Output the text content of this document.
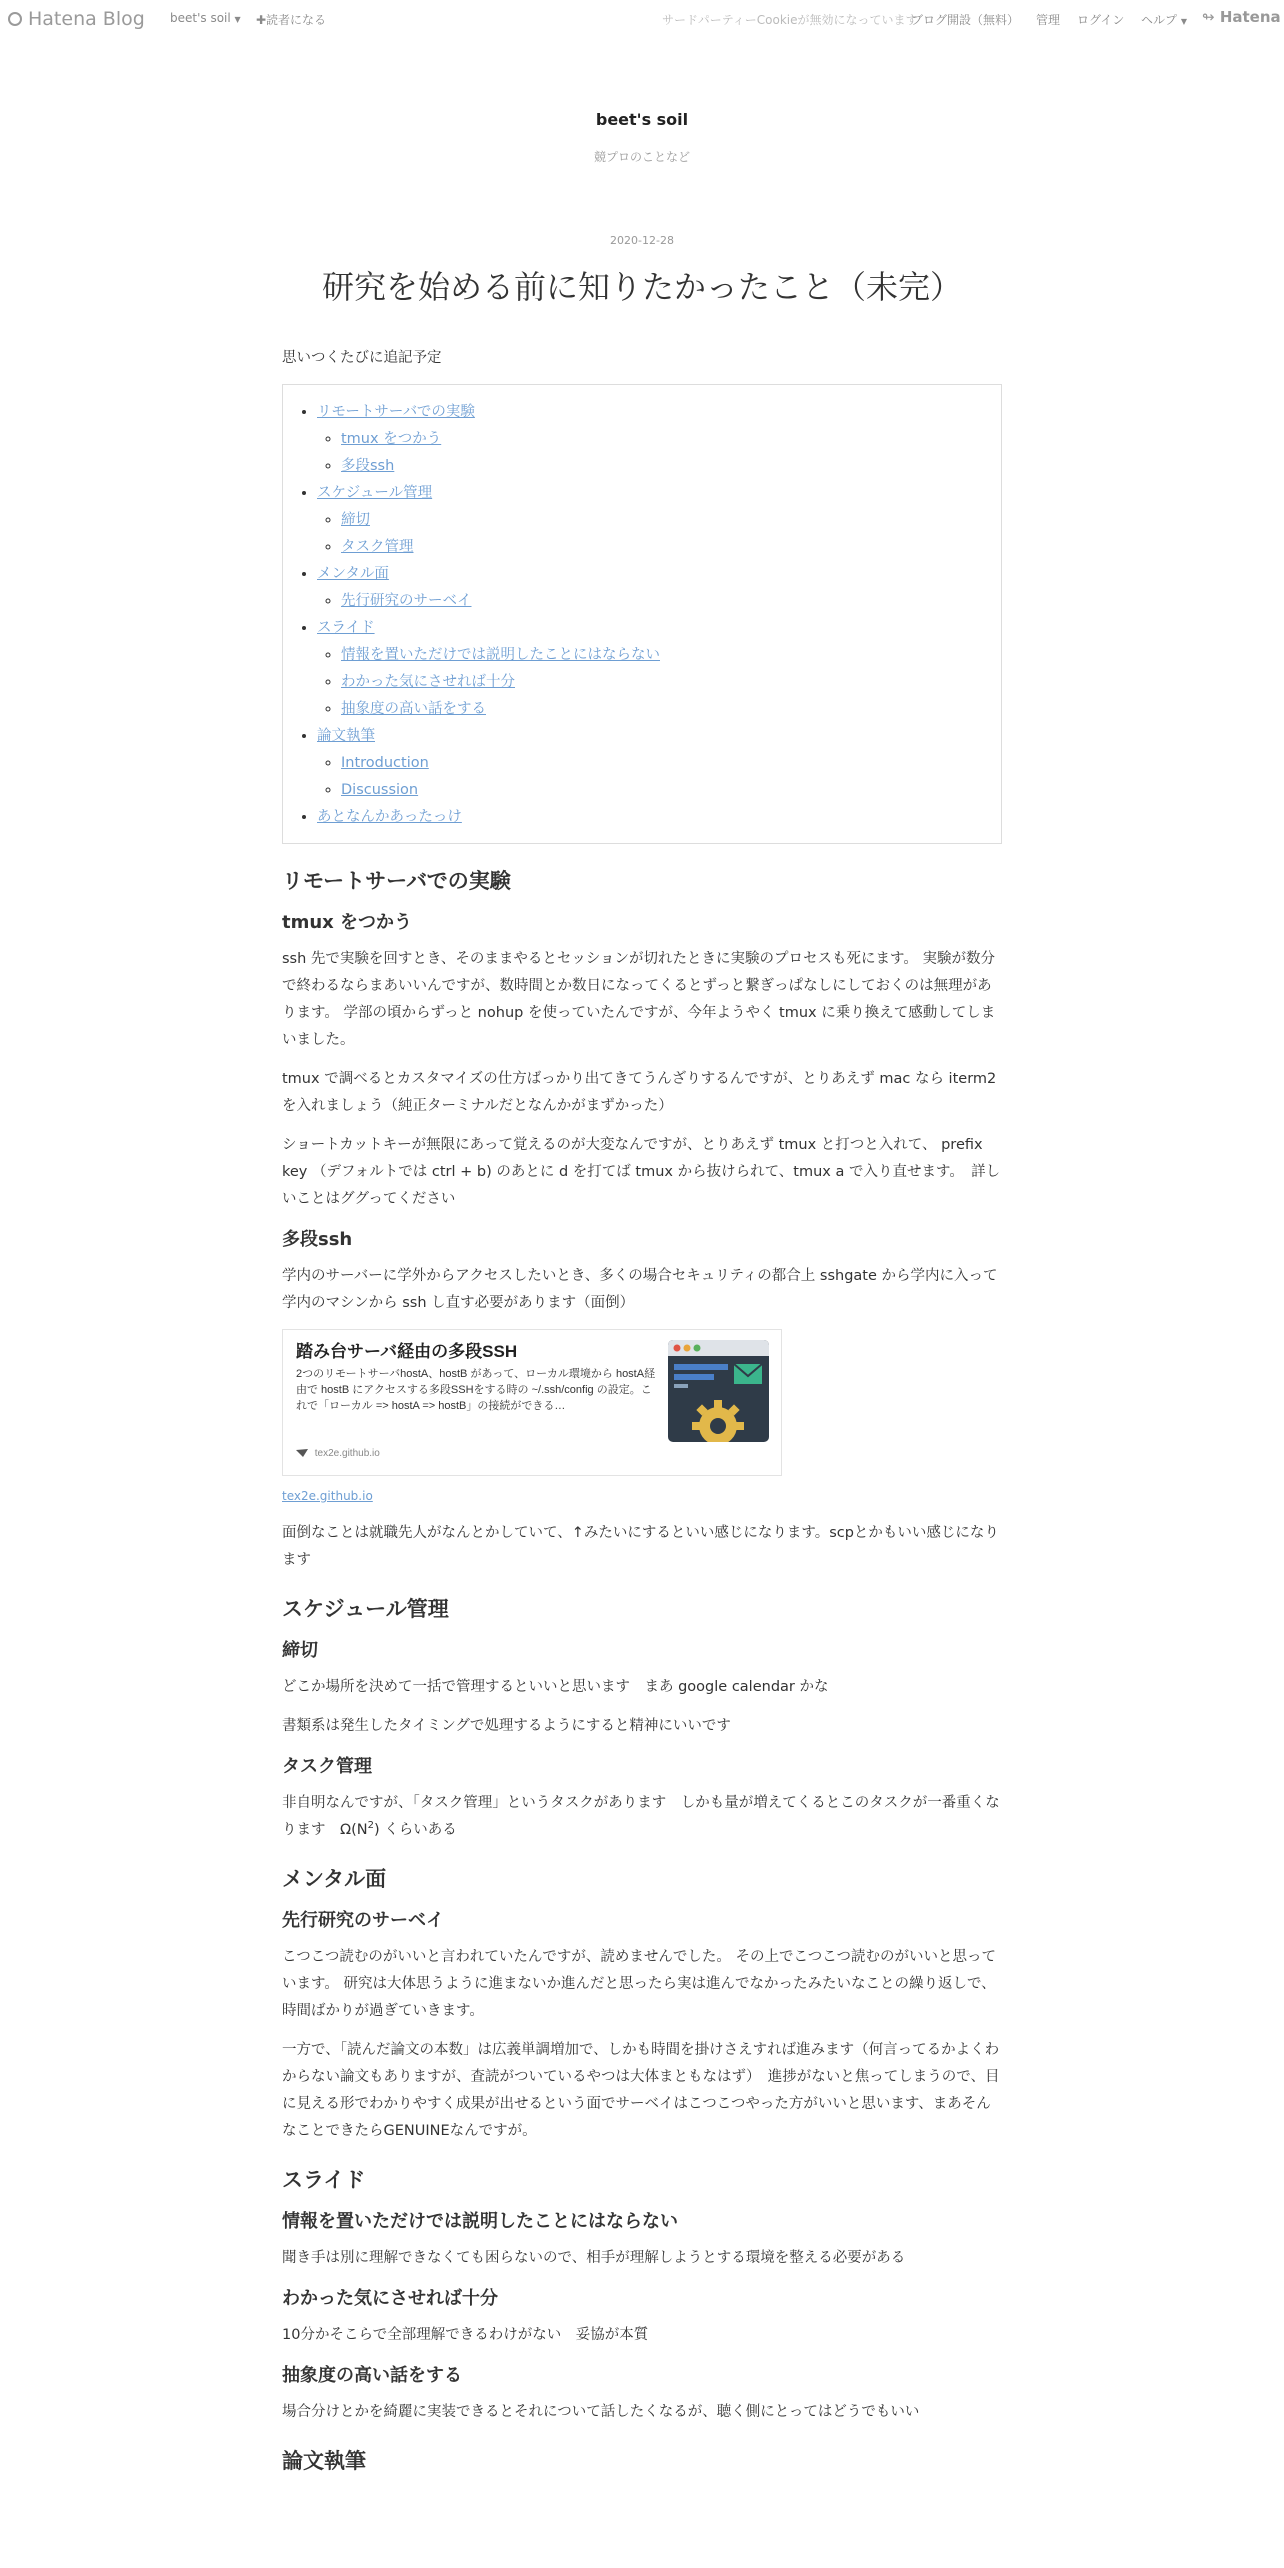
Hatena Blog beet's soil ▼ ✚読者になる	サードパーティーCookieが無効になっています
ブログ開設（無料） 管理 ログイン ヘルプ ▼ ↬ Hatena
beet's soil
競プロのことなど
2020-12-28
研究を始める前に知りたかったこと（未完）

思いつくたびに追記予定

• リモートサーバでの実験
◦ tmux をつかう
◦ 多段ssh
• スケジュール管理
◦ 締切
◦ タスク管理
• メンタル面
◦ 先行研究のサーベイ
• スライド
◦ 情報を置いただけでは説明したことにはならない
◦ わかった気にさせれば十分
◦ 抽象度の高い話をする
• 論文執筆
◦ Introduction
◦ Discussion
• あとなんかあったっけ
リモートサーバでの実験
tmux をつかう

ssh 先で実験を回すとき、そのままやるとセッションが切れたときに実験のプロセスも死にます。 実験が数分で終わるならまあいいんですが、数時間とか数日になってくるとずっと繋ぎっぱなしにしておくのは無理があります。 学部の頃からずっと nohup を使っていたんですが、今年ようやく tmux に乗り換えて感動してしまいました。

tmux で調べるとカスタマイズの仕方ばっかり出てきてうんざりするんですが、とりあえず mac なら iterm2 を入れましょう（純正ターミナルだとなんかがまずかった）

ショートカットキーが無限にあって覚えるのが大変なんですが、とりあえず tmux と打つと入れて、 prefix key （デフォルトでは ctrl + b) のあとに d を打てば tmux から抜けられて、tmux a で入り直せます。　詳しいことはググってください

多段ssh

学内のサーバーに学外からアクセスしたいとき、多くの場合セキュリティの都合上 sshgate から学内に入って学内のマシンから ssh し直す必要があります（面倒）

踏み台サーバ経由の多段SSH
2つのリモートサーバhostA、hostB があって、ローカル環境から hostA経由で hostB にアクセスする多段SSHをする時の ~/.ssh/config の設定。これで「ローカル => hostA => hostB」の接続ができる…
tex2e.github.io
tex2e.github.io

面倒なことは就職先人がなんとかしていて、↑みたいにするといい感じになります。scpとかもいい感じになります

スケジュール管理
締切

どこか場所を決めて一括で管理するといいと思います　まあ google calendar かな

書類系は発生したタイミングで処理するようにすると精神にいいです

タスク管理

非自明なんですが、「タスク管理」というタスクがあります　しかも量が増えてくるとこのタスクが一番重くなります　$\Omega(N^2)$ くらいある

メンタル面
先行研究のサーベイ

こつこつ読むのがいいと言われていたんですが、読めませんでした。 その上でこつこつ読むのがいいと思っています。 研究は大体思うように進まないか進んだと思ったら実は進んでなかったみたいなことの繰り返しで、時間ばかりが過ぎていきます。

一方で、「読んだ論文の本数」は広義単調増加で、しかも時間を掛けさえすれば進みます（何言ってるかよくわからない論文もありますが、査読がついているやつは大体まともなはず）　進捗がないと焦ってしまうので、目に見える形でわかりやすく成果が出せるという面でサーベイはこつこつやった方がいいと思います、まあそんなことできたらGENUINEなんですが。

スライド
情報を置いただけでは説明したことにはならない

聞き手は別に理解できなくても困らないので、相手が理解しようとする環境を整える必要がある

わかった気にさせれば十分

10分かそこらで全部理解できるわけがない　妥協が本質

抽象度の高い話をする

場合分けとかを綺麗に実装できるとそれについて話したくなるが、聴く側にとってはどうでもいい

論文執筆
